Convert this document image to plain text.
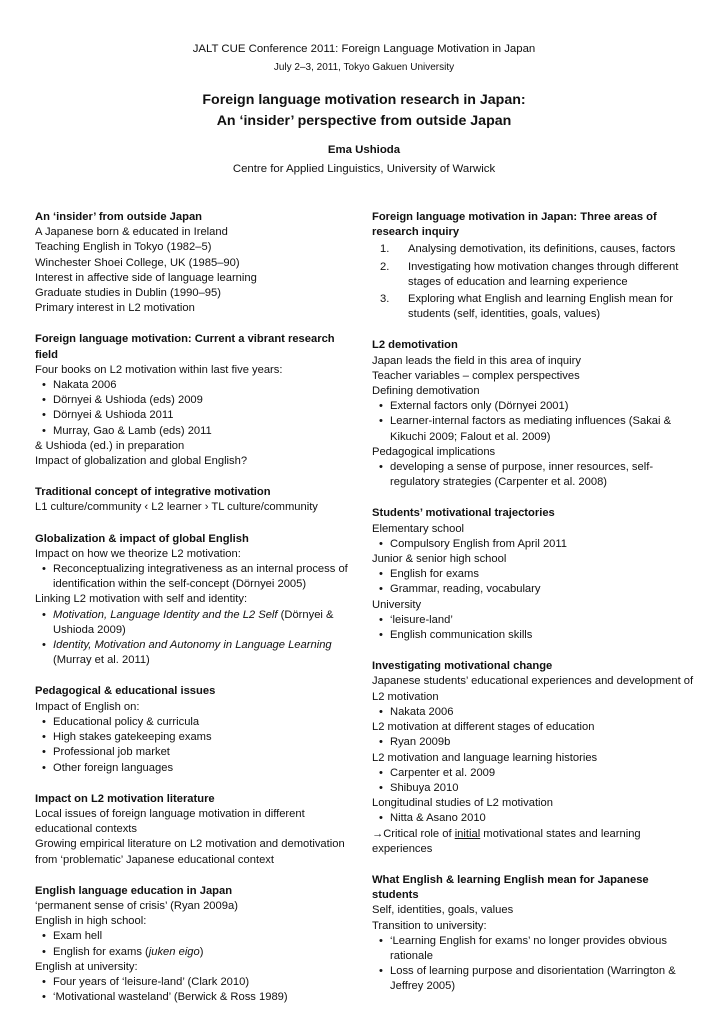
JALT CUE Conference 2011: Foreign Language Motivation in Japan
July 2–3, 2011, Tokyo Gakuen University
Foreign language motivation research in Japan:
An ‘insider’ perspective from outside Japan
Ema Ushioda
Centre for Applied Linguistics, University of Warwick
An ‘insider’ from outside Japan
A Japanese born & educated in Ireland
Teaching English in Tokyo (1982–5)
Winchester Shoei College, UK (1985–90)
Interest in affective side of language learning
Graduate studies in Dublin (1990–95)
Primary interest in L2 motivation
Foreign language motivation: Current a vibrant research field
Four books on L2 motivation within last five years:
• Nakata 2006
• Dörnyei & Ushioda (eds) 2009
• Dörnyei & Ushioda 2011
• Murray, Gao & Lamb (eds) 2011
& Ushioda (ed.) in preparation
Impact of globalization and global English?
Traditional concept of integrative motivation
L1 culture/community ‹ L2 learner › TL culture/community
Globalization & impact of global English
Impact on how we theorize L2 motivation:
• Reconceptualizing integrativeness as an internal process of identification within the self-concept (Dörnyei 2005)
Linking L2 motivation with self and identity:
• Motivation, Language Identity and the L2 Self (Dörnyei & Ushioda 2009)
• Identity, Motivation and Autonomy in Language Learning (Murray et al. 2011)
Pedagogical & educational issues
Impact of English on:
• Educational policy & curricula
• High stakes gatekeeping exams
• Professional job market
• Other foreign languages
Impact on L2 motivation literature
Local issues of foreign language motivation in different educational contexts
Growing empirical literature on L2 motivation and demotivation from ‘problematic’ Japanese educational context
English language education in Japan
‘permanent sense of crisis’ (Ryan 2009a)
English in high school:
• Exam hell
• English for exams (juken eigo)
English at university:
• Four years of ‘leisure-land’ (Clark 2010)
• ‘Motivational wasteland’ (Berwick & Ross 1989)
Foreign language motivation in Japan: Three areas of research inquiry
1. Analysing demotivation, its definitions, causes, factors
2. Investigating how motivation changes through different stages of education and learning experience
3. Exploring what English and learning English mean for students (self, identities, goals, values)
L2 demotivation
Japan leads the field in this area of inquiry
Teacher variables – complex perspectives
Defining demotivation
• External factors only (Dörnyei 2001)
• Learner-internal factors as mediating influences (Sakai & Kikuchi 2009; Falout et al. 2009)
Pedagogical implications
• developing a sense of purpose, inner resources, self-regulatory strategies (Carpenter et al. 2008)
Students’ motivational trajectories
Elementary school
• Compulsory English from April 2011
Junior & senior high school
• English for exams
• Grammar, reading, vocabulary
University
• ‘leisure-land’
• English communication skills
Investigating motivational change
Japanese students’ educational experiences and development of L2 motivation
• Nakata 2006
L2 motivation at different stages of education
• Ryan 2009b
L2 motivation and language learning histories
• Carpenter et al. 2009
• Shibuya 2010
Longitudinal studies of L2 motivation
• Nitta & Asano 2010
→Critical role of initial motivational states and learning experiences
What English & learning English mean for Japanese students
Self, identities, goals, values
Transition to university:
• ‘Learning English for exams’ no longer provides obvious rationale
• Loss of learning purpose and disorientation (Warrington & Jeffrey 2005)
